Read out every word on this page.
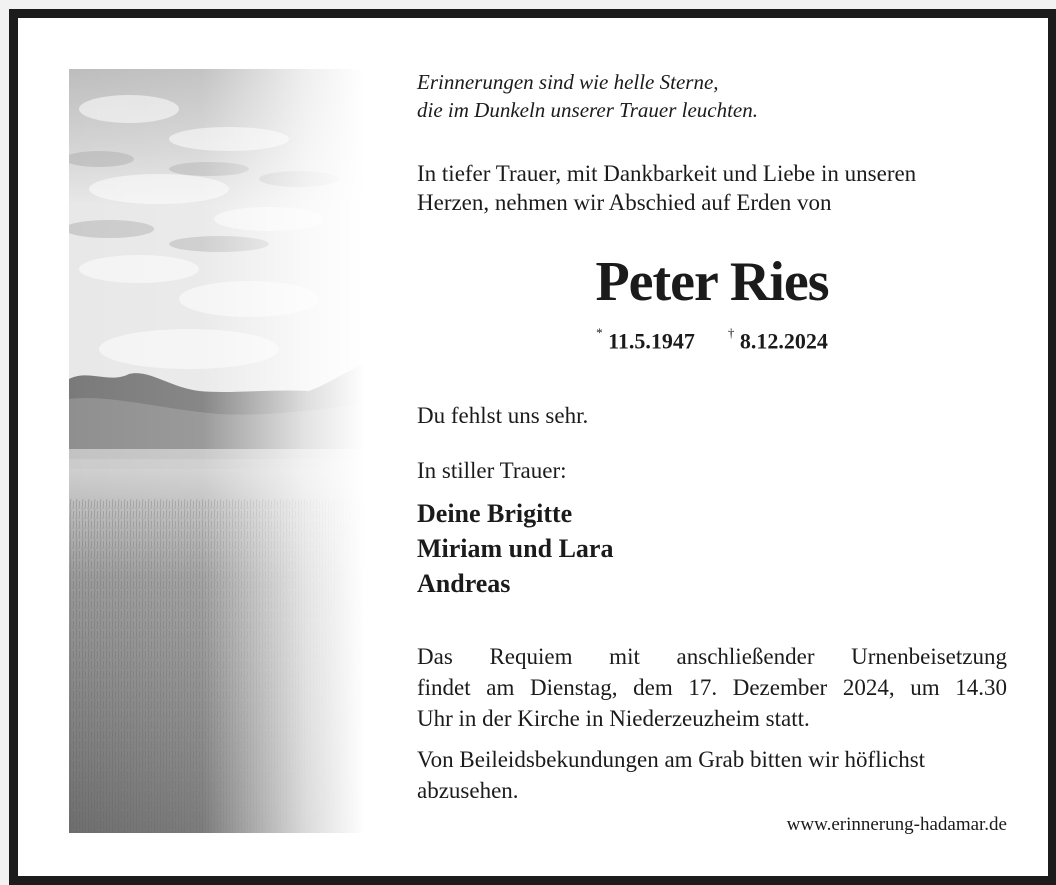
Erinnerungen sind wie helle Sterne,
die im Dunkeln unserer Trauer leuchten.
In tiefer Trauer, mit Dankbarkeit und Liebe in unseren
Herzen, nehmen wir Abschied auf Erden von
Peter Ries
* 11.5.1947	† 8.12.2024
Du fehlst uns sehr.
In stiller Trauer:
Deine Brigitte
Miriam und Lara
Andreas
Das Requiem mit anschließender Urnenbeisetzung
findet am Dienstag, dem 17. Dezember 2024, um 14.30
Uhr in der Kirche in Niederzeuzheim statt.
Von Beileidsbekundungen am Grab bitten wir höflichst
abzusehen.
www.erinnerung-hadamar.de
